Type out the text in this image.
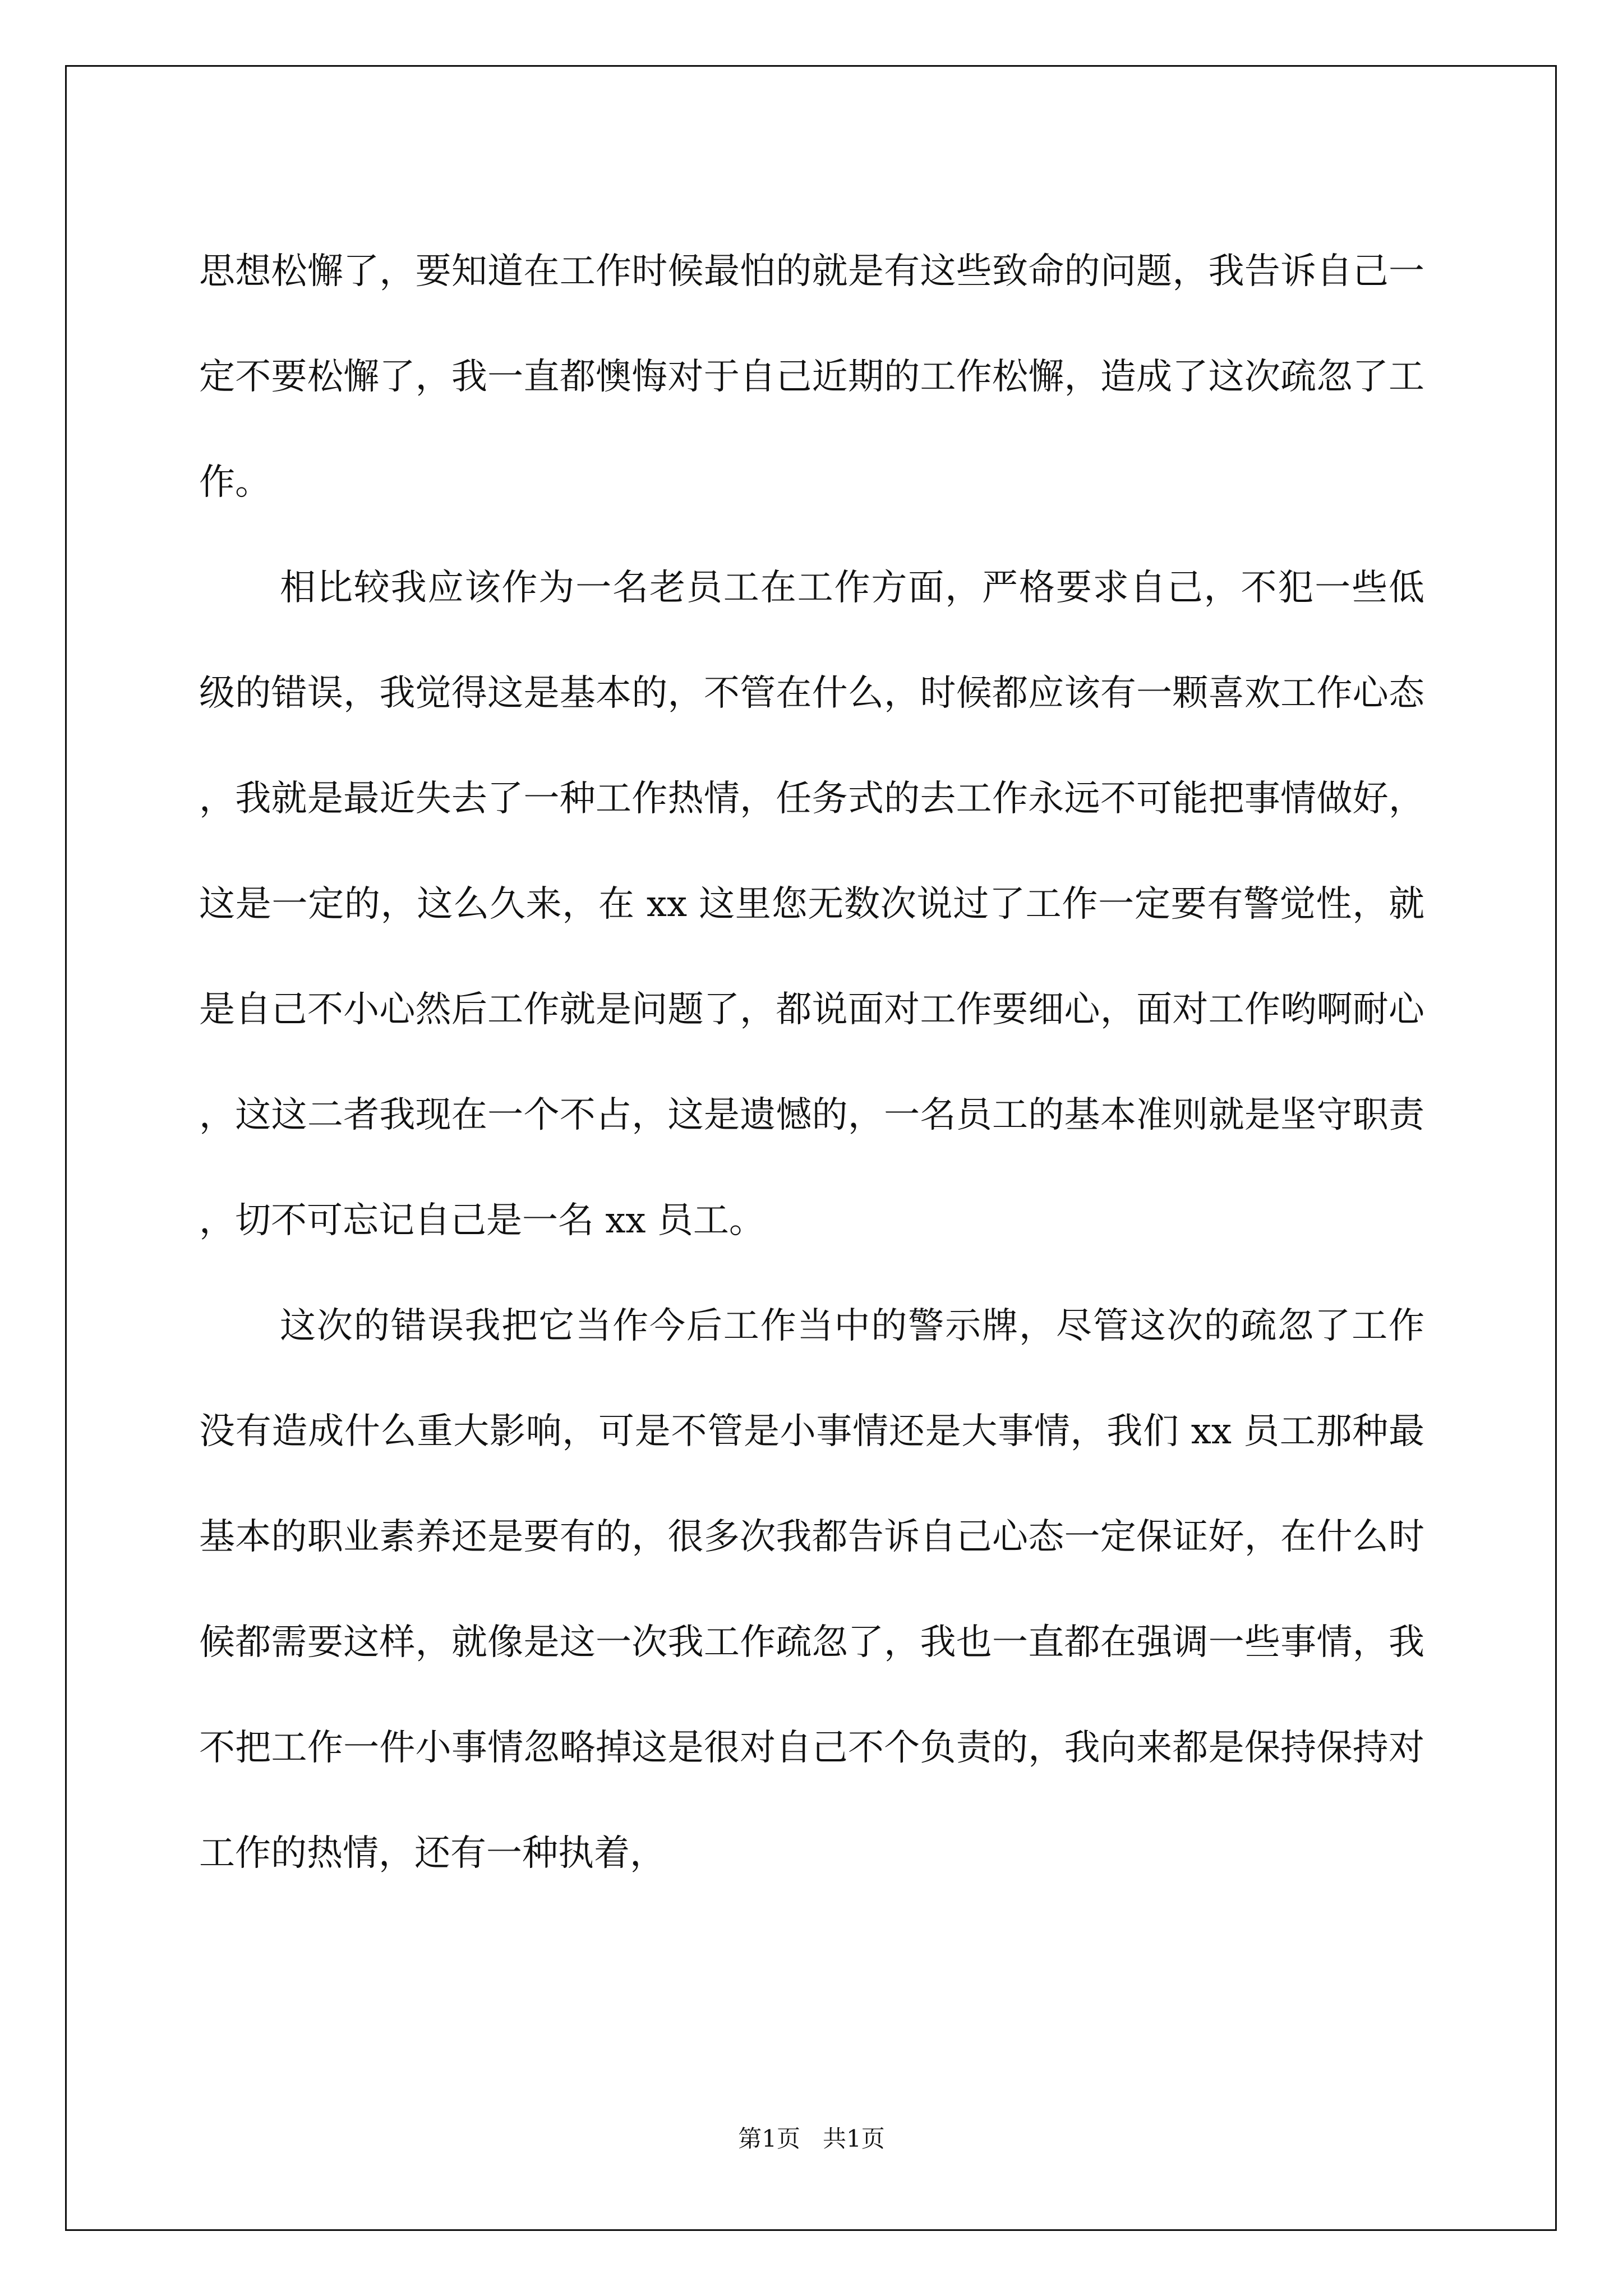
思想松懈了，要知道在工作时候最怕的就是有这些致命的问题，我告诉自己一定不要松懈了，我一直都懊悔对于自己近期的工作松懈，造成了这次疏忽了工作。

相比较我应该作为一名老员工在工作方面，严格要求自己，不犯一些低级的错误，我觉得这是基本的，不管在什么，时候都应该有一颗喜欢工作心态，我就是最近失去了一种工作热情，任务式的去工作永远不可能把事情做好，这是一定的，这么久来，在 xx 这里您无数次说过了工作一定要有警觉性，就是自己不小心然后工作就是问题了，都说面对工作要细心，面对工作哟啊耐心，这这二者我现在一个不占，这是遗憾的，一名员工的基本准则就是坚守职责，切不可忘记自己是一名 xx 员工。

这次的错误我把它当作今后工作当中的警示牌，尽管这次的疏忽了工作没有造成什么重大影响，可是不管是小事情还是大事情，我们 xx 员工那种最基本的职业素养还是要有的，很多次我都告诉自己心态一定保证好，在什么时候都需要这样，就像是这一次我工作疏忽了，我也一直都在强调一些事情，我不把工作一件小事情忽略掉这是很对自己不个负责的，我向来都是保持保持对工作的热情，还有一种执着，

第1页   共1页
